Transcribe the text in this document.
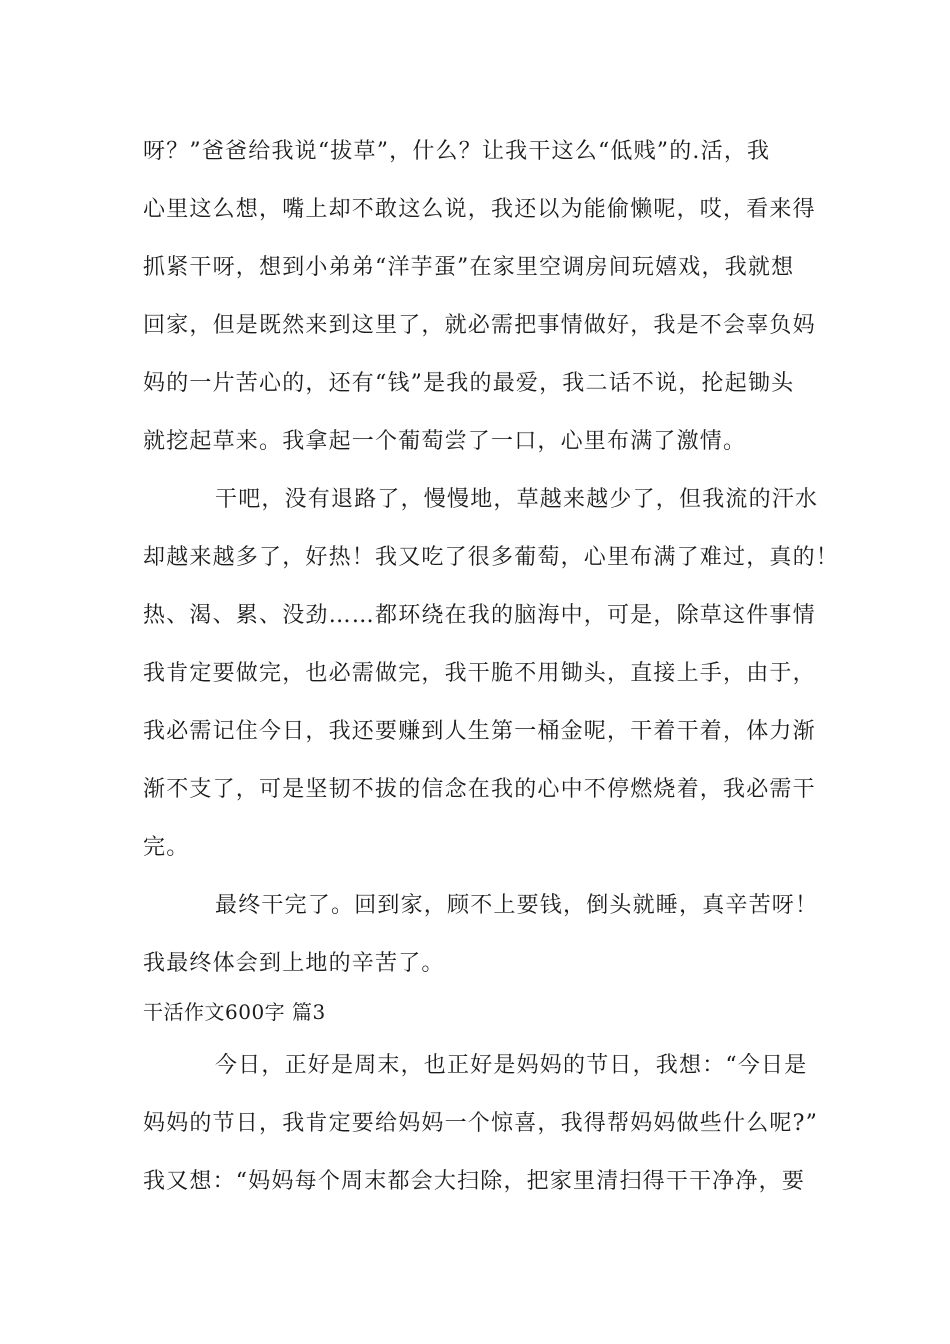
呀？”爸爸给我说“拔草”，什么？让我干这么“低贱”的.活，我
心里这么想，嘴上却不敢这么说，我还以为能偷懒呢，哎，看来得
抓紧干呀，想到小弟弟“洋芋蛋”在家里空调房间玩嬉戏，我就想
回家，但是既然来到这里了，就必需把事情做好，我是不会辜负妈
妈的一片苦心的，还有“钱”是我的最爱，我二话不说，抡起锄头
就挖起草来。我拿起一个葡萄尝了一口，心里布满了激情。
干吧，没有退路了，慢慢地，草越来越少了，但我流的汗水
却越来越多了，好热！我又吃了很多葡萄，心里布满了难过，真的！
热、渴、累、没劲……都环绕在我的脑海中，可是，除草这件事情
我肯定要做完，也必需做完，我干脆不用锄头，直接上手，由于，
我必需记住今日，我还要赚到人生第一桶金呢，干着干着，体力渐
渐不支了，可是坚韧不拔的信念在我的心中不停燃烧着，我必需干
完。
最终干完了。回到家，顾不上要钱，倒头就睡，真辛苦呀！
我最终体会到上地的辛苦了。
干活作文600字 篇3
今日，正好是周末，也正好是妈妈的节日，我想：“今日是
妈妈的节日，我肯定要给妈妈一个惊喜，我得帮妈妈做些什么呢?”
我又想：“妈妈每个周末都会大扫除，把家里清扫得干干净净，要
